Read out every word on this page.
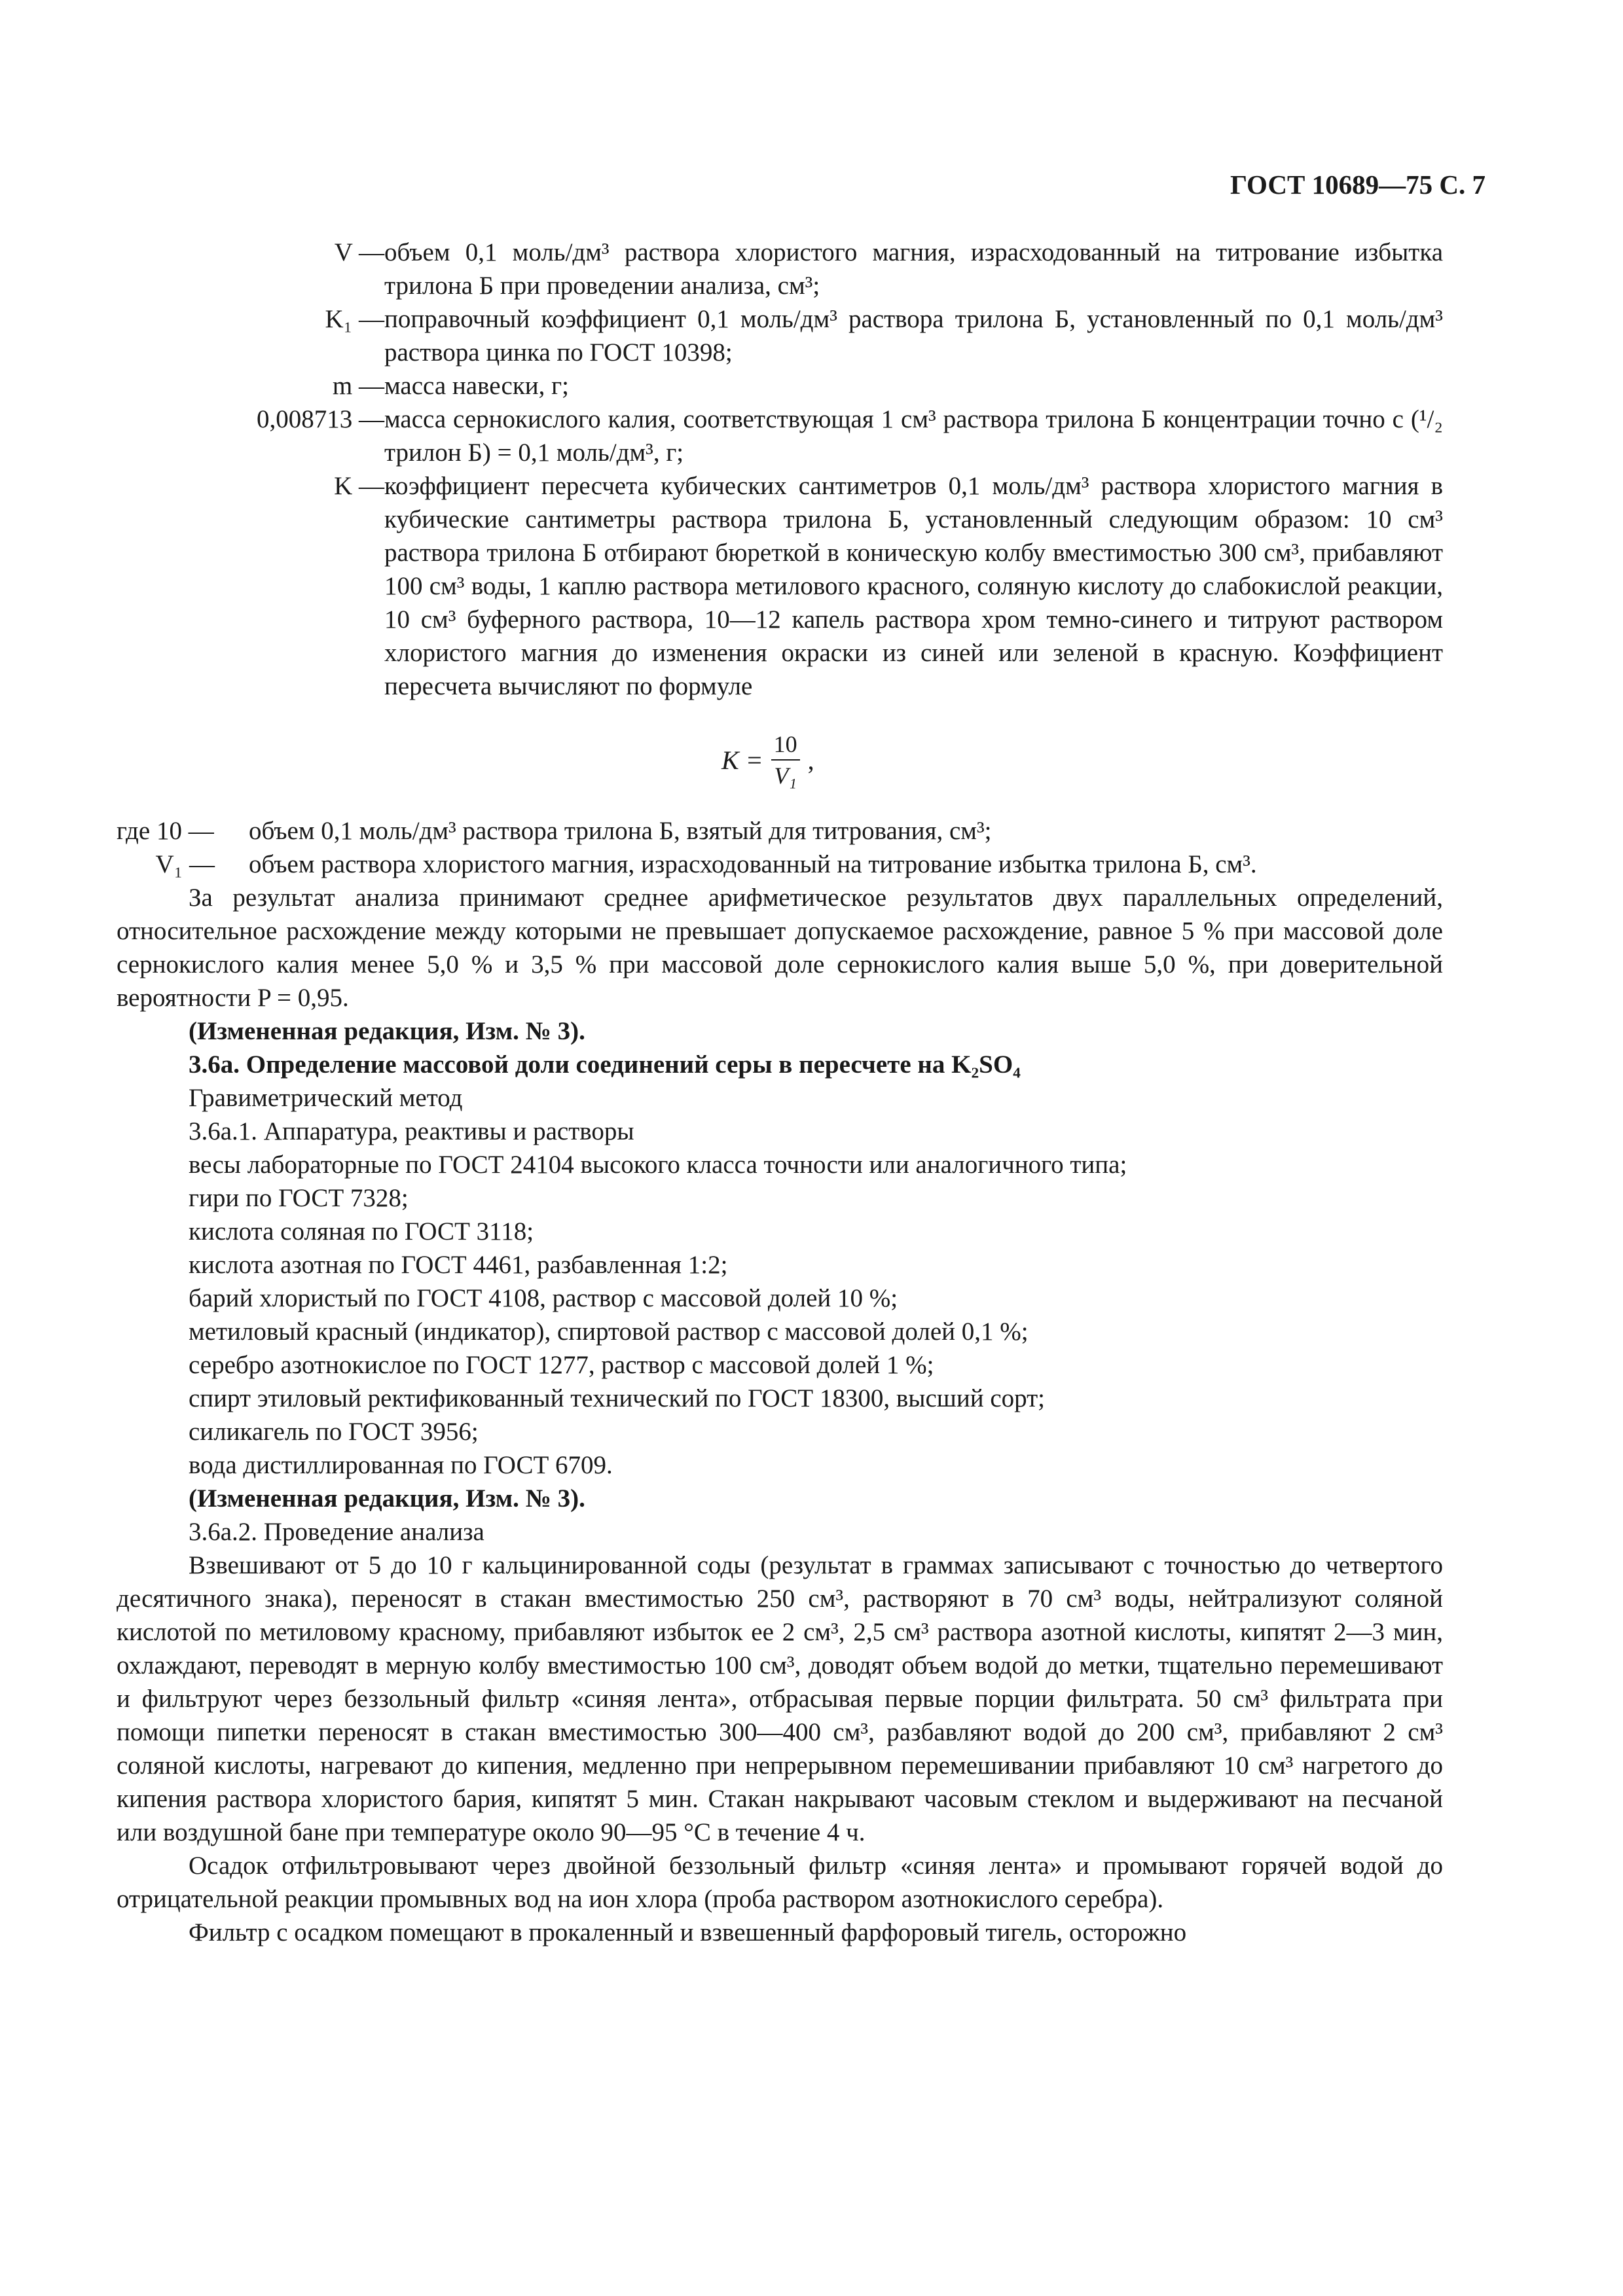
ГОСТ 10689—75 С. 7
V — объем 0,1 моль/дм³ раствора хлористого магния, израсходованный на титрование избытка трилона Б при проведении анализа, см³;
K₁ — поправочный коэффициент 0,1 моль/дм³ раствора трилона Б, установленный по 0,1 моль/дм³ раствора цинка по ГОСТ 10398;
m — масса навески, г;
0,008713 — масса сернокислого калия, соответствующая 1 см³ раствора трилона Б концентрации точно c (¹/₂ трилон Б) = 0,1 моль/дм³, г;
K — коэффициент пересчета кубических сантиметров 0,1 моль/дм³ раствора хлористого магния в кубические сантиметры раствора трилона Б, установленный следующим образом: 10 см³ раствора трилона Б отбирают бюреткой в коническую колбу вместимостью 300 см³, прибавляют 100 см³ воды, 1 каплю раствора метилового красного, соляную кислоту до слабокислой реакции, 10 см³ буферного раствора, 10—12 капель раствора хром темно-синего и титруют раствором хлористого магния до изменения окраски из синей или зеленой в красную. Коэффициент пересчета вычисляют по формуле
$K = \frac{10}{\text{V₁}}$ ,
где 10 — объем 0,1 моль/дм³ раствора трилона Б, взятый для титрования, см³;
V₁ — объем раствора хлористого магния, израсходованный на титрование избытка трилона Б, см³.

За результат анализа принимают среднее арифметическое результатов двух параллельных определений, относительное расхождение между которыми не превышает допускаемое расхождение, равное 5 % при массовой доле сернокислого калия менее 5,0 % и 3,5 % при массовой доле сернокислого калия выше 5,0 %, при доверительной вероятности P = 0,95.

(Измененная редакция, Изм. № 3).

3.6а. Определение массовой доли соединений серы в пересчете на K₂SO₄

Гравиметрический метод

3.6а.1. Аппаратура, реактивы и растворы

весы лабораторные по ГОСТ 24104 высокого класса точности или аналогичного типа;

гири по ГОСТ 7328;

кислота соляная по ГОСТ 3118;

кислота азотная по ГОСТ 4461, разбавленная 1:2;

барий хлористый по ГОСТ 4108, раствор с массовой долей 10 %;

метиловый красный (индикатор), спиртовой раствор с массовой долей 0,1 %;

серебро азотнокислое по ГОСТ 1277, раствор с массовой долей 1 %;

спирт этиловый ректификованный технический по ГОСТ 18300, высший сорт;

силикагель по ГОСТ 3956;

вода дистиллированная по ГОСТ 6709.

(Измененная редакция, Изм. № 3).

3.6а.2. Проведение анализа

Взвешивают от 5 до 10 г кальцинированной соды (результат в граммах записывают с точностью до четвертого десятичного знака), переносят в стакан вместимостью 250 см³, растворяют в 70 см³ воды, нейтрализуют соляной кислотой по метиловому красному, прибавляют избыток ее 2 см³, 2,5 см³ раствора азотной кислоты, кипятят 2—3 мин, охлаждают, переводят в мерную колбу вместимостью 100 см³, доводят объем водой до метки, тщательно перемешивают и фильтруют через беззольный фильтр «синяя лента», отбрасывая первые порции фильтрата. 50 см³ фильтрата при помощи пипетки переносят в стакан вместимостью 300—400 см³, разбавляют водой до 200 см³, прибавляют 2 см³ соляной кислоты, нагревают до кипения, медленно при непрерывном перемешивании прибавляют 10 см³ нагретого до кипения раствора хлористого бария, кипятят 5 мин. Стакан накрывают часовым стеклом и выдерживают на песчаной или воздушной бане при температуре около 90—95 °С в течение 4 ч.

Осадок отфильтровывают через двойной беззольный фильтр «синяя лента» и промывают горячей водой до отрицательной реакции промывных вод на ион хлора (проба раствором азотнокислого серебра).

Фильтр с осадком помещают в прокаленный и взвешенный фарфоровый тигель, осторожно
